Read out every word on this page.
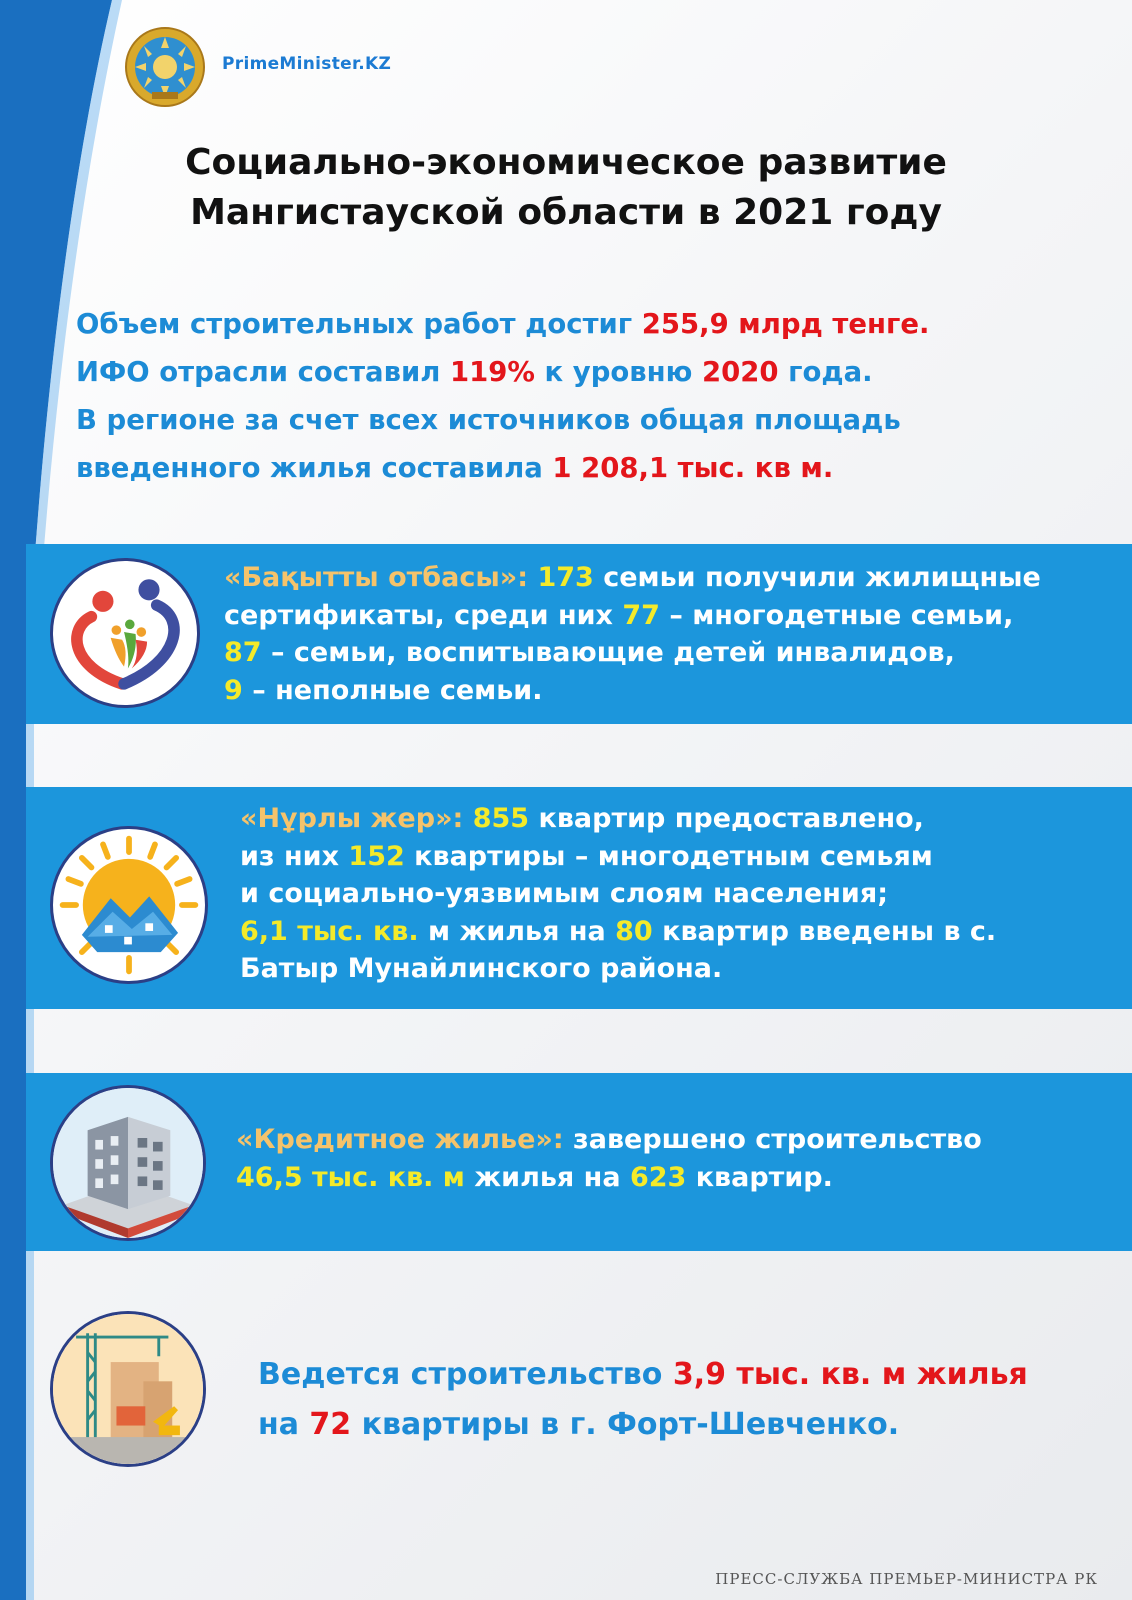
PrimeMinister.KZ
Социально-экономическое развитие
Мангистауской области в 2021 году
Объем строительных работ достиг 255,9 млрд тенге.
ИФО отрасли составил 119% к уровню 2020 года.
В регионе за счет всех источников общая площадь
введенного жилья составила 1 208,1 тыс. кв м.
«Бақытты отбасы»: 173 семьи получили жилищные
сертификаты, среди них 77 – многодетные семьи,
87 – семьи, воспитывающие детей инвалидов,
9 – неполные семьи.
«Нұрлы жер»: 855 квартир предоставлено,
из них 152 квартиры – многодетным семьям
и социально-уязвимым слоям населения;
6,1 тыс. кв. м жилья на 80 квартир введены в с.
Батыр Мунайлинского района.
«Кредитное жилье»: завершено строительство
46,5 тыс. кв. м жилья на 623 квартир.
Ведется строительство 3,9 тыс. кв. м жилья
на 72 квартиры в г. Форт-Шевченко.
ПРЕСС-СЛУЖБА ПРЕМЬЕР-МИНИСТРА РК
